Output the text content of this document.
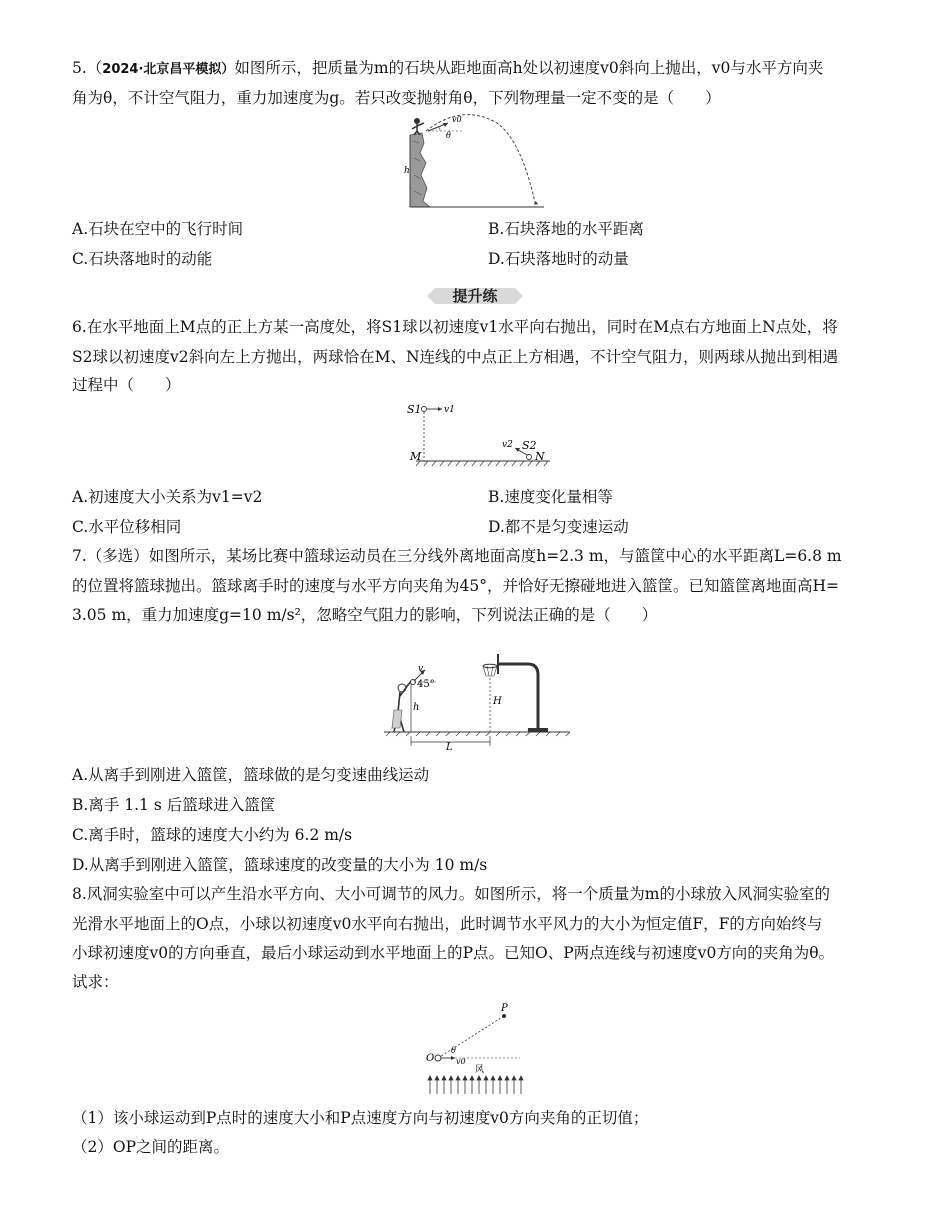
5.（2024·北京昌平模拟）如图所示，把质量为m的石块从距地面高h处以初速度v0斜向上抛出，v0与水平方向夹
角为θ，不计空气阻力，重力加速度为g。若只改变抛射角θ，下列物理量一定不变的是（　　）
h
v0
θ
A.石块在空中的飞行时间	B.石块落地的水平距离
C.石块落地时的动能	D.石块落地时的动量
提升练
6.在水平地面上M点的正上方某一高度处，将S1球以初速度v1水平向右抛出，同时在M点右方地面上N点处，将
S2球以初速度v2斜向左上方抛出，两球恰在M、N连线的中点正上方相遇，不计空气阻力，则两球从抛出到相遇
过程中（　　）
S1 v1
M
v2 S2
N
A.初速度大小关系为v1=v2	B.速度变化量相等
C.水平位移相同	D.都不是匀变速运动
7.（多选）如图所示，某场比赛中篮球运动员在三分线外离地面高度h=2.3 m，与篮筐中心的水平距离L=6.8 m
的位置将篮球抛出。篮球离手时的速度与水平方向夹角为45°，并恰好无擦碰地进入篮筐。已知篮筐离地面高H=
3.05 m，重力加速度g=10 m/s²，忽略空气阻力的影响，下列说法正确的是（　　）
v
45°
h
H
L
A.从离手到刚进入篮筐，篮球做的是匀变速曲线运动
B.离手 1.1 s 后篮球进入篮筐
C.离手时，篮球的速度大小约为 6.2 m/s
D.从离手到刚进入篮筐，篮球速度的改变量的大小为 10 m/s
8.风洞实验室中可以产生沿水平方向、大小可调节的风力。如图所示，将一个质量为m的小球放入风洞实验室的
光滑水平地面上的O点，小球以初速度v0水平向右抛出，此时调节水平风力的大小为恒定值F，F的方向始终与
小球初速度v0的方向垂直，最后小球运动到水平地面上的P点。已知O、P两点连线与初速度v0方向的夹角为θ。
试求：
P
O	v0
θ
风
（1）该小球运动到P点时的速度大小和P点速度方向与初速度v0方向夹角的正切值；
（2）OP之间的距离。
